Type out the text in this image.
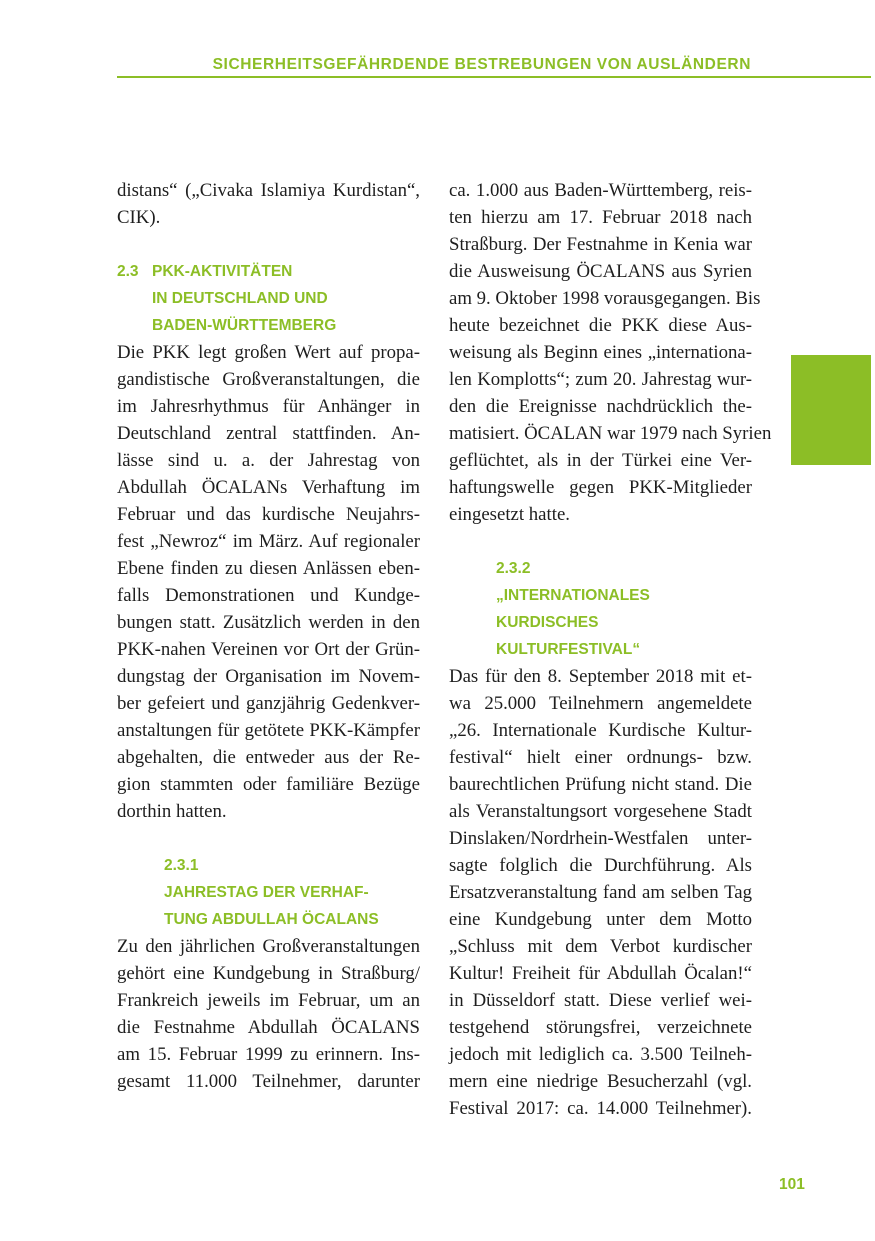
SICHERHEITSGEFÄHRDENDE BESTREBUNGEN VON AUSLÄNDERN
distans“ („Civaka Islamiya Kurdistan“,
CIK).
2.3 PKK-AKTIVITÄTEN
IN DEUTSCHLAND UND
BADEN-WÜRTTEMBERG
Die PKK legt großen Wert auf propa-
gandistische Großveranstaltungen, die
im Jahresrhythmus für Anhänger in
Deutschland zentral stattfinden. An-
lässe sind u. a. der Jahrestag von
Abdullah ÖCALANs Verhaftung im
Februar und das kurdische Neujahrs-
fest „Newroz“ im März. Auf regionaler
Ebene finden zu diesen Anlässen eben-
falls Demonstrationen und Kundge-
bungen statt. Zusätzlich werden in den
PKK-nahen Vereinen vor Ort der Grün-
dungstag der Organisation im Novem-
ber gefeiert und ganzjährig Gedenkver-
anstaltungen für getötete PKK-Kämpfer
abgehalten, die entweder aus der Re-
gion stammten oder familiäre Bezüge
dorthin hatten.
2.3.1
JAHRESTAG DER VERHAF-
TUNG ABDULLAH ÖCALANS
Zu den jährlichen Großveranstaltungen
gehört eine Kundgebung in Straßburg/
Frankreich jeweils im Februar, um an
die Festnahme Abdullah ÖCALANS
am 15. Februar 1999 zu erinnern. Ins-
gesamt 11.000 Teilnehmer, darunter
ca. 1.000 aus Baden-Württemberg, reis-
ten hierzu am 17. Februar 2018 nach
Straßburg. Der Festnahme in Kenia war
die Ausweisung ÖCALANS aus Syrien
am 9. Oktober 1998 vorausgegangen. Bis
heute bezeichnet die PKK diese Aus-
weisung als Beginn eines „internationa-
len Komplotts“; zum 20. Jahrestag wur-
den die Ereignisse nachdrücklich the-
matisiert. ÖCALAN war 1979 nach Syrien
geflüchtet, als in der Türkei eine Ver-
haftungswelle gegen PKK-Mitglieder
eingesetzt hatte.
2.3.2
„INTERNATIONALES
KURDISCHES
KULTURFESTIVAL“
Das für den 8. September 2018 mit et-
wa 25.000 Teilnehmern angemeldete
„26. Internationale Kurdische Kultur-
festival“ hielt einer ordnungs- bzw.
baurechtlichen Prüfung nicht stand. Die
als Veranstaltungsort vorgesehene Stadt
Dinslaken/Nordrhein-Westfalen unter-
sagte folglich die Durchführung. Als
Ersatzveranstaltung fand am selben Tag
eine Kundgebung unter dem Motto
„Schluss mit dem Verbot kurdischer
Kultur! Freiheit für Abdullah Öcalan!“
in Düsseldorf statt. Diese verlief wei-
testgehend störungsfrei, verzeichnete
jedoch mit lediglich ca. 3.500 Teilneh-
mern eine niedrige Besucherzahl (vgl.
Festival 2017: ca. 14.000 Teilnehmer).
101
